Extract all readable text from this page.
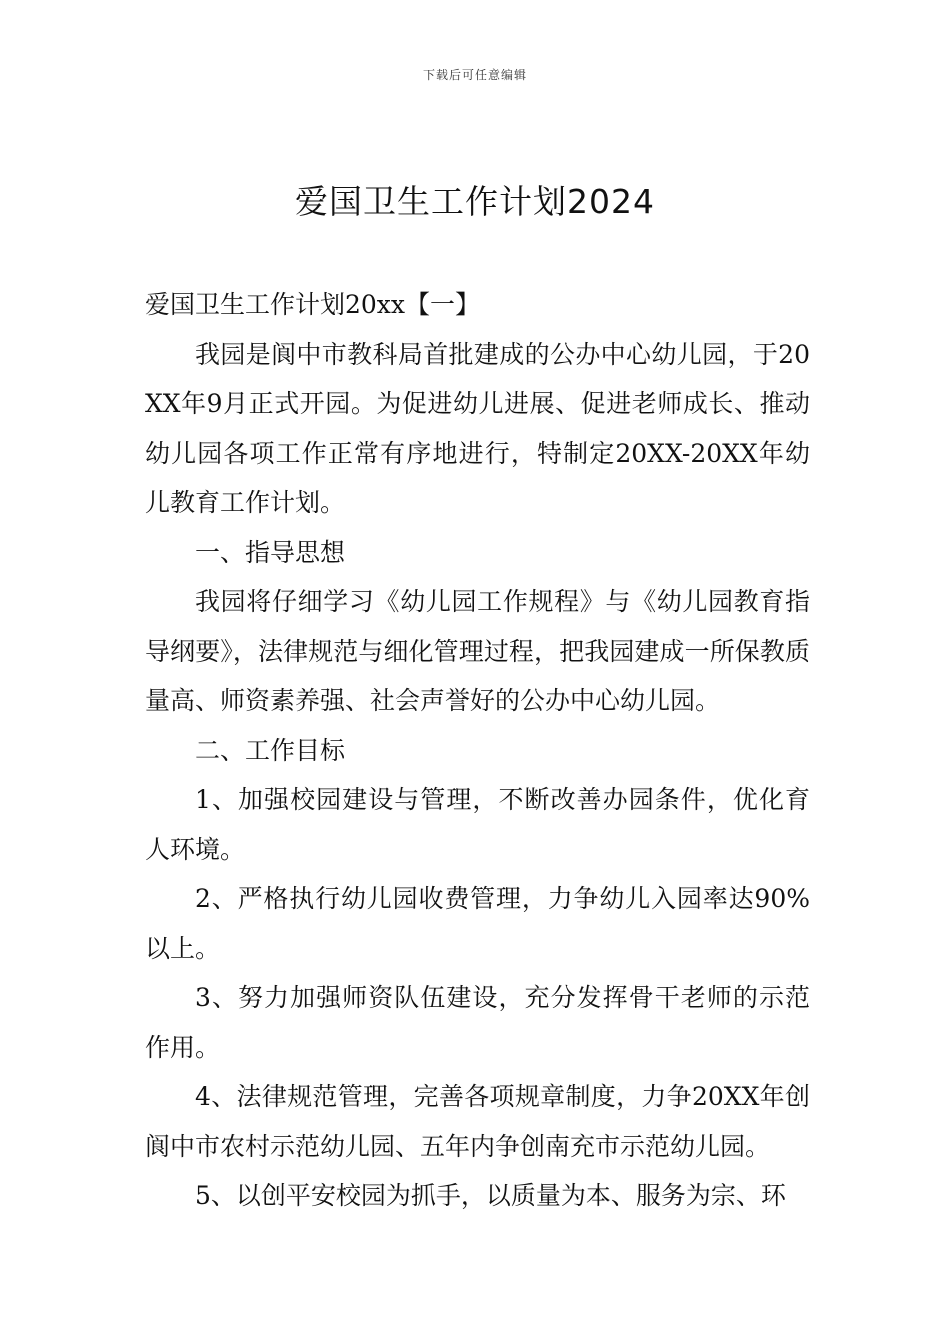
下载后可任意编辑
爱国卫生工作计划2024

爱国卫生工作计划20xx【一】

我园是阆中市教科局首批建成的公办中心幼儿园，于20XX年9月正式开园。为促进幼儿进展、促进老师成长、推动幼儿园各项工作正常有序地进行，特制定20XX-20XX年幼儿教育工作计划。

一、指导思想

我园将仔细学习《幼儿园工作规程》与《幼儿园教育指导纲要》，法律规范与细化管理过程，把我园建成一所保教质量高、师资素养强、社会声誉好的公办中心幼儿园。

二、工作目标

1、加强校园建设与管理，不断改善办园条件，优化育人环境。

2、严格执行幼儿园收费管理，力争幼儿入园率达90%以上。

3、努力加强师资队伍建设，充分发挥骨干老师的示范作用。

4、法律规范管理，完善各项规章制度，力争20XX年创阆中市农村示范幼儿园、五年内争创南充市示范幼儿园。

5、以创平安校园为抓手，以质量为本、服务为宗、环
